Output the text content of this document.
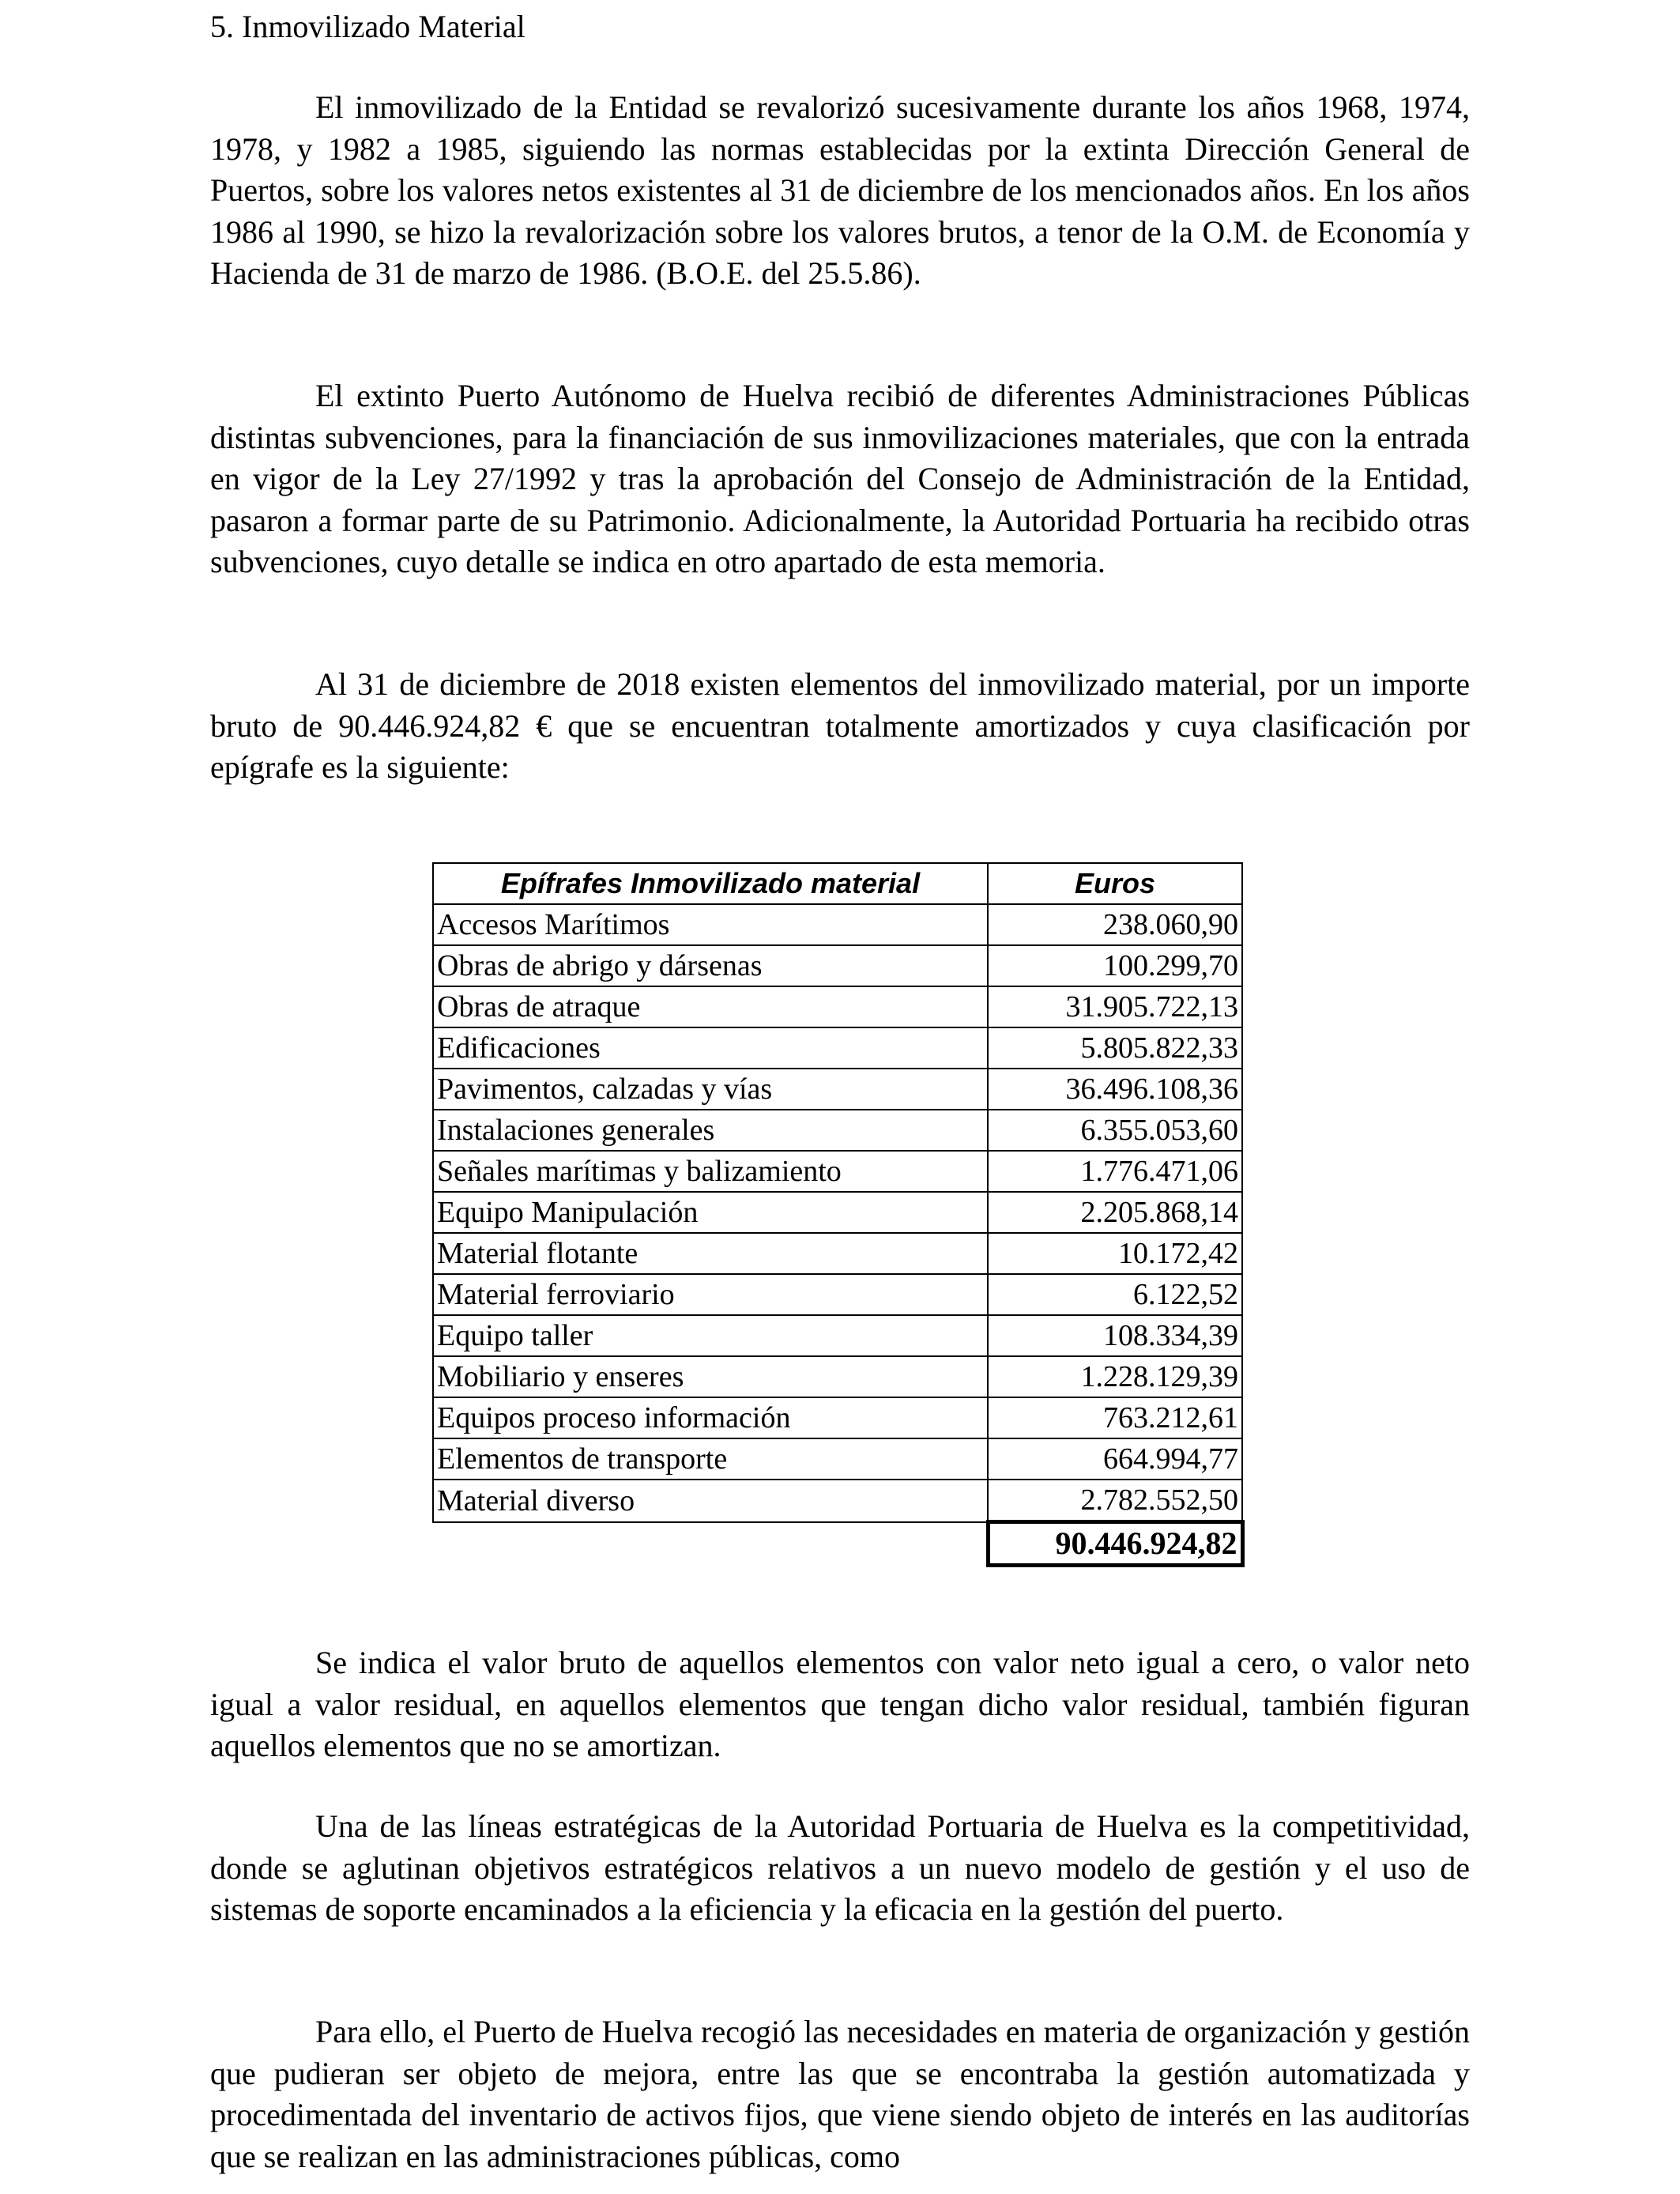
5. Inmovilizado Material

El inmovilizado de la Entidad se revalorizó sucesivamente durante los años 1968, 1974, 1978, y 1982 a 1985, siguiendo las normas establecidas por la extinta Dirección General de Puertos, sobre los valores netos existentes al 31 de diciembre de los mencionados años. En los años 1986 al 1990, se hizo la revalorización sobre los valores brutos, a tenor de la O.M. de Economía y Hacienda de 31 de marzo de 1986. (B.O.E. del 25.5.86).

El extinto Puerto Autónomo de Huelva recibió de diferentes Administraciones Públicas distintas subvenciones, para la financiación de sus inmovilizaciones materiales, que con la entrada en vigor de la Ley 27/1992 y tras la aprobación del Consejo de Administración de la Entidad, pasaron a formar parte de su Patrimonio. Adicionalmente, la Autoridad Portuaria ha recibido otras subvenciones, cuyo detalle se indica en otro apartado de esta memoria.

Al 31 de diciembre de 2018 existen elementos del inmovilizado material, por un importe bruto de 90.446.924,82 € que se encuentran totalmente amortizados y cuya clasificación por epígrafe es la siguiente:

Epífrafes Inmovilizado material	Euros
Accesos Marítimos	238.060,90
Obras de abrigo y dársenas	100.299,70
Obras de atraque	31.905.722,13
Edificaciones	5.805.822,33
Pavimentos, calzadas y vías	36.496.108,36
Instalaciones generales	6.355.053,60
Señales marítimas y balizamiento	1.776.471,06
Equipo Manipulación	2.205.868,14
Material flotante	10.172,42
Material ferroviario	6.122,52
Equipo taller	108.334,39
Mobiliario y enseres	1.228.129,39
Equipos proceso información	763.212,61
Elementos de transporte	664.994,77
Material diverso	2.782.552,50
	90.446.924,82

Se indica el valor bruto de aquellos elementos con valor neto igual a cero, o valor neto igual a valor residual, en aquellos elementos que tengan dicho valor residual, también figuran aquellos elementos que no se amortizan.

Una de las líneas estratégicas de la Autoridad Portuaria de Huelva es la competitividad, donde se aglutinan objetivos estratégicos relativos a un nuevo modelo de gestión y el uso de sistemas de soporte encaminados a la eficiencia y la eficacia en la gestión del puerto.

Para ello, el Puerto de Huelva recogió las necesidades en materia de organización y gestión que pudieran ser objeto de mejora, entre las que se encontraba la gestión automatizada y procedimentada del inventario de activos fijos, que viene siendo objeto de interés en las auditorías que se realizan en las administraciones públicas, como
